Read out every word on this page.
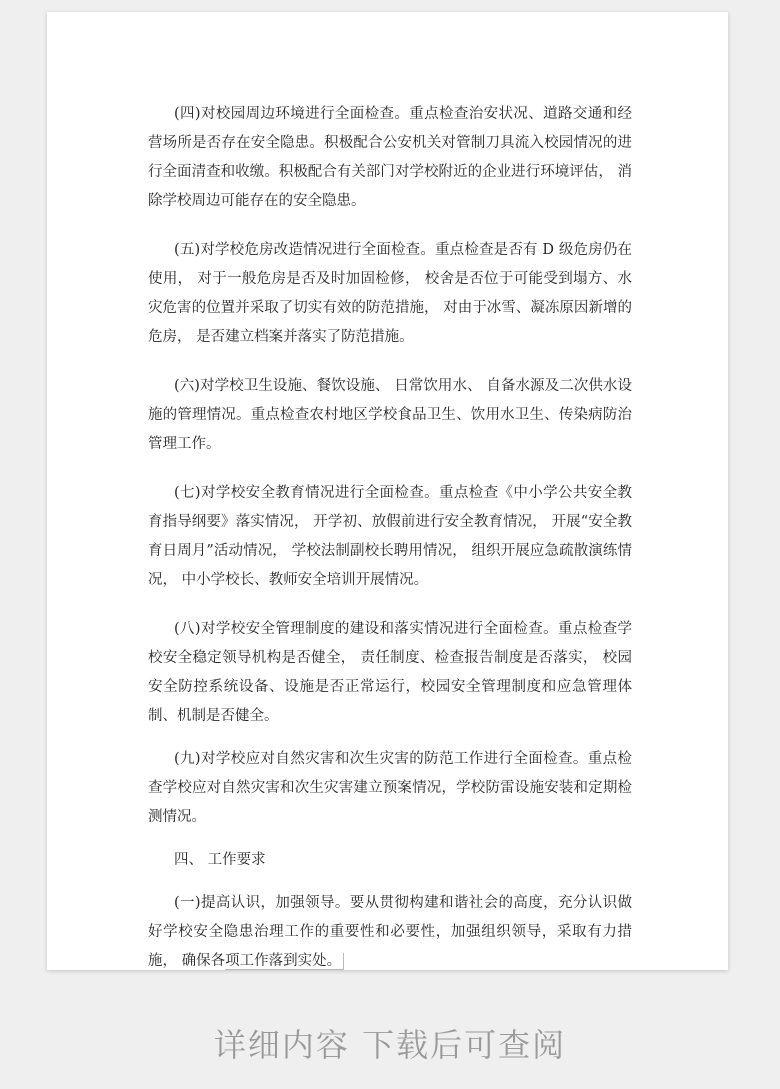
(四)对校园周边环境进行全面检查。重点检查治安状况、道路交通和经营场所是否存在安全隐患。积极配合公安机关对管制刀具流入校园情况的进行全面清查和收缴。积极配合有关部门对学校附近的企业进行环境评估， 消除学校周边可能存在的安全隐患。

(五)对学校危房改造情况进行全面检查。重点检查是否有 D 级危房仍在使用， 对于一般危房是否及时加固检修， 校舍是否位于可能受到塌方、水灾危害的位置并采取了切实有效的防范措施， 对由于冰雪、凝冻原因新增的危房， 是否建立档案并落实了防范措施。

(六)对学校卫生设施、餐饮设施、 日常饮用水、 自备水源及二次供水设施的管理情况。重点检查农村地区学校食品卫生、饮用水卫生、传染病防治管理工作。

(七)对学校安全教育情况进行全面检查。重点检查《中小学公共安全教育指导纲要》落实情况， 开学初、放假前进行安全教育情况， 开展“安全教育日周月”活动情况， 学校法制副校长聘用情况， 组织开展应急疏散演练情况， 中小学校长、教师安全培训开展情况。

(八)对学校安全管理制度的建设和落实情况进行全面检查。重点检查学校安全稳定领导机构是否健全， 责任制度、检查报告制度是否落实， 校园安全防控系统设备、设施是否正常运行，校园安全管理制度和应急管理体制、机制是否健全。

(九)对学校应对自然灾害和次生灾害的防范工作进行全面检查。重点检查学校应对自然灾害和次生灾害建立预案情况，学校防雷设施安装和定期检测情况。

四、 工作要求

(一)提高认识，加强领导。要从贯彻构建和谐社会的高度，充分认识做好学校安全隐患治理工作的重要性和必要性，加强组织领导，采取有力措施， 确保各项工作落到实处。

详细内容 下载后可查阅
